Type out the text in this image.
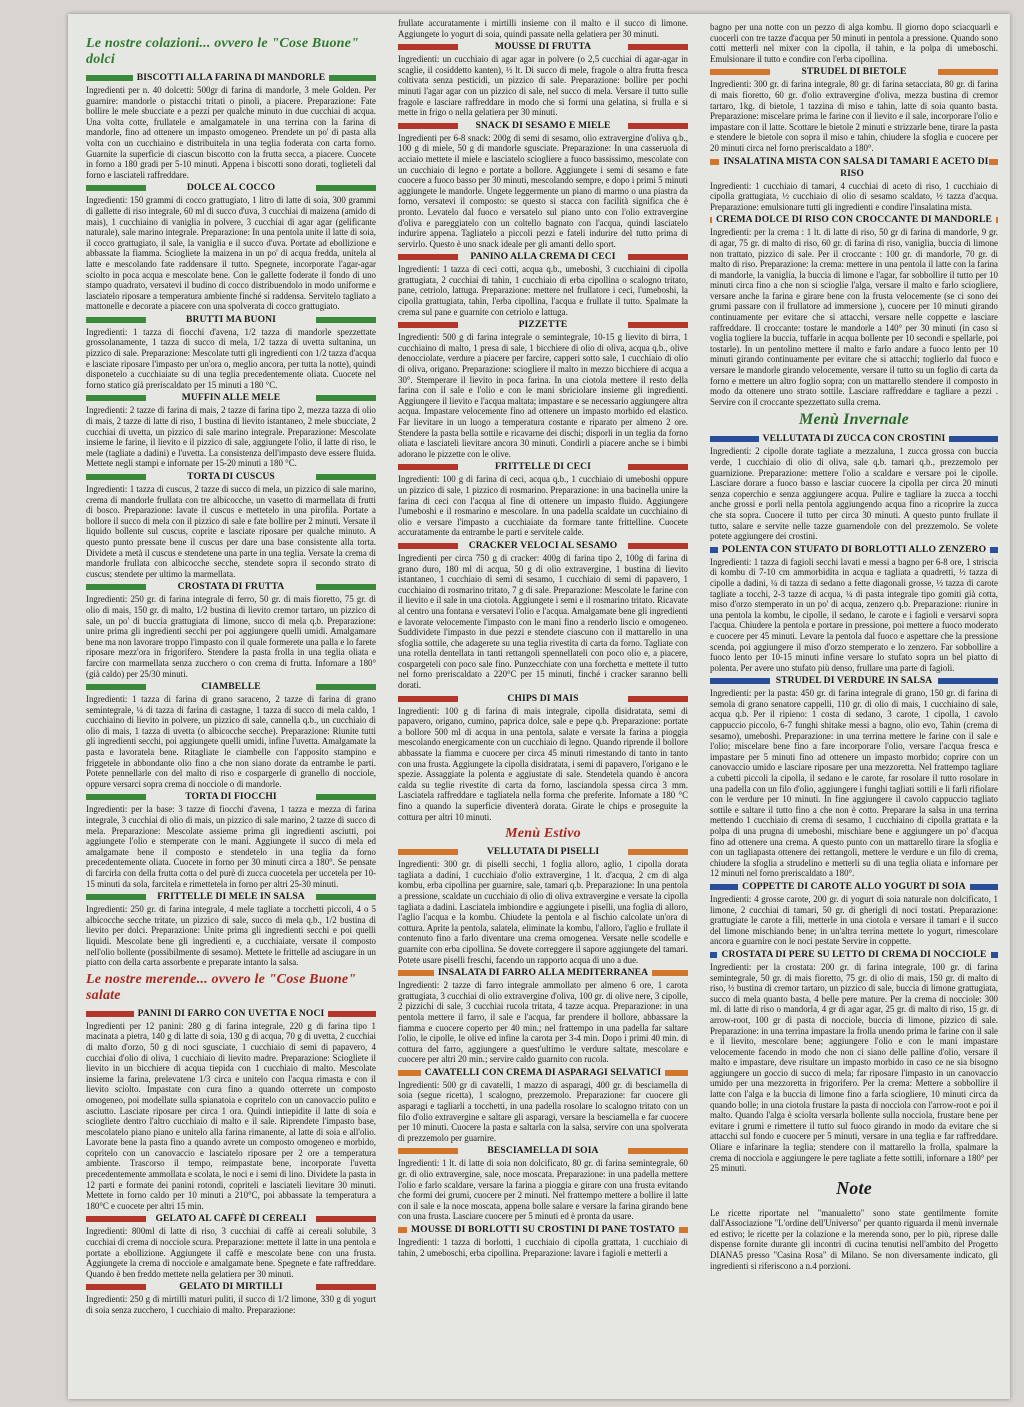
Le nostre colazioni... ovvero le "Cose Buone" dolci
BISCOTTI ALLA FARINA DI MANDORLE

Ingredienti per n. 40 dolcetti: 500gr di farina di mandorle, 3 mele Golden. Per guarnire: mandorle o pistacchi tritati o pinoli, a piacere. Preparazione: Fate bollire le mele sbucciate e a pezzi per qualche minuto in due cucchiai di acqua. Una volta cotte, frullatele e amalgamatele in una terrina con la farina di mandorle, fino ad ottenere un impasto omogeneo. Prendete un po' di pasta alla volta con un cucchiaino e distribuitela in una teglia foderata con carta forno. Guarnite la superficie di ciascun biscotto con la frutta secca, a piacere. Cuocete in forno a 180 gradi per 5-10 minuti. Appena i biscotti sono dorati, toglieteli dal forno e lasciateli raffreddare.

DOLCE AL COCCO

Ingredienti: 150 grammi di cocco grattugiato, 1 litro di latte di soia, 300 grammi di gallette di riso integrale, 60 ml di succo d'uva, 3 cucchiai di maizena (amido di mais), 1 cucchiaino di vaniglia in polvere, 3 cucchiai di agar agar (gelificante naturale), sale marino integrale. Preparazione: In una pentola unite il latte di soia, il cocco grattugiato, il sale, la vaniglia e il succo d'uva. Portate ad ebollizione e abbassate la fiamma. Sciogliete la maizena in un po' di acqua fredda, unitela al latte e mescolando fate raddensare il tutto. Spegnete, incorporate l'agar-agar sciolto in poca acqua e mescolate bene. Con le gallette foderate il fondo di uno stampo quadrato, versatevi il budino di cocco distribuendolo in modo uniforme e lasciatelo riposare a temperatura ambiente finché si raddensa. Servitelo tagliato a mattonelle e decorate a piacere con una spolverata di cocco grattugiato.

BRUTTI MA BUONI

Ingredienti: 1 tazza di fiocchi d'avena, 1/2 tazza di mandorle spezzettate grossolanamente, 1 tazza di succo di mela, 1/2 tazza di uvetta sultanina, un pizzico di sale. Preparazione: Mescolate tutti gli ingredienti con 1/2 tazza d'acqua e lasciate riposare l'impasto per un'ora o, meglio ancora, per tutta la notte), quindi disponetelo a cucchiaiate su di una teglia precedentemente oliata. Cuocete nel forno statico già preriscaldato per 15 minuti a 180 °C.

MUFFIN ALLE MELE

Ingredienti: 2 tazze di farina di mais, 2 tazze di farina tipo 2, mezza tazza di olio di mais, 2 tazze di latte di riso, 1 bustina di lievito istantaneo, 2 mele sbucciate, 2 cucchiai di uvetta, un pizzico di sale marino integrale. Preparazione: Mescolate insieme le farine, il lievito e il pizzico di sale, aggiungete l'olio, il latte di riso, le mele (tagliate a dadini) e l'uvetta. La consistenza dell'impasto deve essere fluida. Mettete negli stampi e infornate per 15-20 minuti a 180 °C.

TORTA DI CUSCUS

Ingredienti: 1 tazza di cuscus, 2 tazze di succo di mela, un pizzico di sale marino, crema di mandorle frullata con tre albicocche, un vasetto di marmellata di frutti di bosco. Preparazione: lavate il cuscus e mettetelo in una pirofila. Portate a bollore il succo di mela con il pizzico di sale e fate bollire per 2 minuti. Versate il liquido bollente sul cuscus, coprite e lasciate riposare per qualche minuto. A questo punto pressate bene il cuscus per dare una base consistente alla torta. Dividete a metà il cuscus e stendetene una parte in una teglia. Versate la crema di mandorle frullata con albicocche secche, stendete sopra il secondo strato di cuscus; stendete per ultimo la marmellata.

CROSTATA DI FRUTTA

Ingredienti: 250 gr. di farina integrale di ferro, 50 gr. di mais fioretto, 75 gr. di olio di mais, 150 gr. di malto, 1/2 bustina di lievito cremor tartaro, un pizzico di sale, un po' di buccia grattugiata di limone, succo di mela q.b. Preparazione: unire prima gli ingredienti secchi per poi aggiungere quelli umidi. Amalgamare bene ma non lavorare troppo l'impasto con il quale formerete una palla e lo farete riposare mezz'ora in frigorifero. Stendere la pasta frolla in una teglia oliata e farcire con marmellata senza zucchero o con crema di frutta. Infornare a 180° (già caldo) per 25/30 minuti.

CIAMBELLE

Ingredienti: 1 tazza di farina di grano saraceno, 2 tazze di farina di grano semintegrale, ¼ di tazza di farina di castagne, 1 tazza di succo di mela caldo, 1 cucchiaino di lievito in polvere, un pizzico di sale, cannella q.b., un cucchiaio di olio di mais, 1 tazza di uvetta (o albicocche secche). Preparazione: Riunite tutti gli ingredienti secchi, poi aggiungete quelli umidi, infine l'uvetta. Amalgamate la pasta e lavoratela bene. Ritagliate le ciambelle con l'apposito stampino e friggetele in abbondante olio fino a che non siano dorate da entrambe le parti. Potete pennellarle con del malto di riso e cospargerle di granello di nocciole, oppure versarci sopra crema di nocciole o di mandorle.

TORTA DI FIOCCHI

Ingredienti: per la base: 3 tazze di fiocchi d'avena, 1 tazza e mezza di farina integrale, 3 cucchiai di olio di mais, un pizzico di sale marino, 2 tazze di succo di mela. Preparazione: Mescolate assieme prima gli ingredienti asciutti, poi aggiungete l'olio e stemperate con le mani. Aggiungete il succo di mela ed amalgamate bene il composto e stendetelo in una teglia da forno precedentemente oliata. Cuocete in forno per 30 minuti circa a 180°. Se pensate di farcirla con della frutta cotta o del purè di zucca cuocetela per uccetela per 10-15 minuti da sola, farcitela e rimettetela in forno per altri 25-30 minuti.

FRITTELLE DI MELE IN SALSA

Ingredienti: 250 gr. di farina integrale, 4 mele tagliate a tocchetti piccoli, 4 o 5 albicocche secche tritate, un pizzico di sale, succo di mela q.b., 1/2 bustina di lievito per dolci. Preparazione: Unite prima gli ingredienti secchi e poi quelli liquidi. Mescolate bene gli ingredienti e, a cucchiaiate, versate il composto nell'olio bollente (possibilmente di sesamo). Mettete le frittelle ad asciugare in un piatto con della carta assorbente e preparate intanto la salsa.

Le nostre merende... ovvero le "Cose Buone" salate
PANINI DI FARRO CON UVETTA E NOCI

Ingredienti per 12 panini: 280 g di farina integrale, 220 g di farina tipo 1 macinata a pietra, 140 g di latte di soia, 130 g di acqua, 70 g di uvetta, 2 cucchiai di malto d'orzo, 50 g di noci sgusciate, 1 cucchiaio di semi di papavero, 4 cucchiai d'olio di oliva, 1 cucchiaio di lievito madre. Preparazione: Sciogliete il lievito in un bicchiere di acqua tiepida con 1 cucchiaio di malto. Mescolate insieme la farina, prelevatene 1/3 circa e unitelo con l'acqua rimasta e con il lievito sciolto. Impastate con cura fino a quando otterrete un composto omogeneo, poi modellate sulla spianatoia e copritelo con un canovaccio pulito e asciutto. Lasciate riposare per circa 1 ora. Quindi intiepidite il latte di soia e sciogliete dentro l'altro cucchiaio di malto e il sale. Riprendete l'impasto base, mescolatelo piano piano e unitelo alla farina rimanente, al latte di soia e all'olio. Lavorate bene la pasta fino a quando avrete un composto omogeneo e morbido, copritelo con un canovaccio e lasciatelo riposare per 2 ore a temperatura ambiente. Trascorso il tempo, reimpastate bene, incorporate l'uvetta precedentemente ammollata e scolata, le noci e i semi di lino. Dividete la pasta in 12 parti e formate dei panini rotondi, copriteli e lasciateli lievitare 30 minuti. Mettete in forno caldo per 10 minuti a 210°C, poi abbassate la temperatura a 180°C e cuocete per altri 15 min.

GELATO AL CAFFÈ DI CEREALI

Ingredienti: 800ml di latte di riso, 3 cucchiai di caffè ai cereali solubile, 3 cucchiai di crema di nocciole scura. Preparazione: mettete il latte in una pentola e portate a ebollizione. Aggiungete il caffè e mescolate bene con una frusta. Aggiungete la crema di nocciole e amalgamate bene. Spegnete e fate raffreddare. Quando è ben freddo mettete nella gelatiera per 30 minuti.

GELATO DI MIRTILLI

Ingredienti: 250 g di mirtilli maturi puliti, il succo di 1/2 limone, 330 g di yogurt di soia senza zucchero, 1 cucchiaio di malto. Preparazione:

frullate accuratamente i mirtilli insieme con il malto e il succo di limone. Aggiungete lo yogurt di soia, quindi passate nella gelatiera per 30 minuti.

MOUSSE DI FRUTTA

Ingredienti: un cucchiaio di agar agar in polvere (o 2,5 cucchiai di agar-agar in scaglie, il cosiddetto kanten), ½ lt. Di succo di mele, fragole o altra frutta fresca coltivata senza pesticidi, un pizzico di sale. Preparazione: bollire per pochi minuti l'agar agar con un pizzico di sale, nel succo di mela. Versare il tutto sulle fragole e lasciare raffreddare in modo che si formi una gelatina, si frulla e si mette in frigo o nella gelatiera per 30 minuti.

SNACK DI SESAMO E MIELE

Ingredienti per 6-8 snack: 200g di semi di sesamo, olio extravergine d'oliva q.b., 100 g di miele, 50 g di mandorle sgusciate. Preparazione: In una casseruola di acciaio mettete il miele e lasciatelo sciogliere a fuoco bassissimo, mescolate con un cucchiaio di legno e portate a bollore. Aggiungete i semi di sesamo e fate cuocere a fuoco basso per 30 minuti, mescolando sempre, e dopo i primi 5 minuti aggiungete le mandorle. Ungete leggermente un piano di marmo o una piastra da forno, versatevi il composto: se questo si stacca con facilità significa che è pronto. Levatelo dal fuoco e versatelo sul piano unto con l'olio extravergine d'oliva e pareggiatelo con un coltello bagnato con l'acqua, quindi lasciatelo indurire appena. Tagliatelo a piccoli pezzi e fateli indurire del tutto prima di servirlo. Questo è uno snack ideale per gli amanti dello sport.

PANINO ALLA CREMA DI CECI

Ingredienti: 1 tazza di ceci cotti, acqua q.b., umeboshi, 3 cucchiaini di cipolla grattugiata, 2 cucchiai di tahin, 1 cucchiaio di erba cipollina o scalogno tritato, pane, cetriolo, lattuga. Preparazione: mettere nel frullatore i ceci, l'umeboshi, la cipolla grattugiata, tahin, l'erba cipollina, l'acqua e frullate il tutto. Spalmate la crema sul pane e guarnite con cetriolo e lattuga.

PIZZETTE

Ingredienti: 500 g di farina integrale o semintegrale, 10-15 g lievito di birra, 1 cucchiaino di malto, 1 presa di sale, 1 bicchiere di olio di oliva, acqua q.b., olive denocciolate, verdure a piacere per farcire, capperi sotto sale, 1 cucchiaio di olio di oliva, origano. Preparazione: sciogliere il malto in mezzo bicchiere di acqua a 30°. Stemperare il lievito in poca farina. In una ciotola mettere il resto della farina con il sale e l'olio e con le mani sbriciolare insieme gli ingredienti. Aggiungere il lievito e l'acqua maltata; impastare e se necessario aggiungere altra acqua. Impastare velocemente fino ad ottenere un impasto morbido ed elastico. Far lievitare in un luogo a temperatura costante e riparato per almeno 2 ore. Stendere la pasta bella sottile e ricavarne dei dischi; disporli in un teglia da forno oliata e lasciateli lievitare ancora 30 minuti. Condirli a piacere anche se i bimbi adorano le pizzette con le olive.

FRITTELLE DI CECI

Ingredienti: 100 g di farina di ceci, acqua q.b., 1 cucchiaio di umeboshi oppure un pizzico di sale, 1 pizzico di rosmarino. Preparazione: in una bacinella unire la farina di ceci con l'acqua al fine di ottenere un impasto fluido. Aggiungere l'umeboshi e il rosmarino e mescolare. In una padella scaldate un cucchiaino di olio e versare l'impasto a cucchiaiate da formare tante frittelline. Cuocete accuratamente da entrambe le parti e servitele calde.

CRACKER VELOCI AL SESAMO

Ingredienti per circa 750 g di cracker: 400g di farina tipo 2, 100g di farina di grano duro, 180 ml di acqua, 50 g di olio extravergine, 1 bustina di lievito istantaneo, 1 cucchiaio di semi di sesamo, 1 cucchiaio di semi di papavero, 1 cucchiaino di rosmarino tritato, 7 g di sale. Preparazione: Mescolate le farine con il lievito e il sale in una ciotola. Aggiungete i semi e il rosmarino tritato. Ricavate al centro una fontana e versatevi l'olio e l'acqua. Amalgamate bene gli ingredienti e lavorate velocemente l'impasto con le mani fino a renderlo liscio e omogeneo. Suddividete l'impasto in due pezzi e stendete ciascuno con il mattarello in una sfoglia sottile, che adagerete su una teglia rivestita di carta da forno. Tagliate con una rotella dentellata in tanti rettangoli spennellateli con poco olio e, a piacere, cospargeteli con poco sale fino. Punzecchiate con una forchetta e mettete il tutto nel forno preriscaldato a 220°C per 15 minuti, finché i cracker saranno belli dorati.

CHIPS DI MAIS

Ingredienti: 100 g di farina di mais integrale, cipolla disidratata, semi di papavero, origano, cumino, paprica dolce, sale e pepe q.b. Preparazione: portate a bollore 500 ml di acqua in una pentola, salate e versate la farina a pioggia mescolando energicamente con un cucchiaio di legno. Quando riprende il bollore abbassate la fiamma e cuocere per circa 45 minuti rimestando di tanto in tanto con una frusta. Aggiungete la cipolla disidratata, i semi di papavero, l'origano e le spezie. Assaggiate la polenta e aggiustate di sale. Stendetela quando è ancora calda su teglie rivestite di carta da forno, lasciandola spessa circa 3 mm. Lasciatela raffreddare e tagliatela nella forma che preferite. Infornate a 180 °C fino a quando la superficie diventerà dorata. Girate le chips e proseguite la cottura per altri 10 minuti.

Menù Estivo
VELLUTATA DI PISELLI

Ingredienti: 300 gr. di piselli secchi, 1 foglia alloro, aglio, 1 cipolla dorata tagliata a dadini, 1 cucchiaio d'olio extravergine, 1 lt. d'acqua, 2 cm di alga kombu, erba cipollina per guarnire, sale, tamari q.b. Preparazione: In una pentola a pressione, scaldate un cucchiaio di olio di oliva extravergine e versate la cipolla tagliata a dadini. Lasciatela imbiondire e aggiungete i piselli, una foglia di alloro, l'aglio l'acqua e la kombu. Chiudete la pentola e al fischio calcolate un'ora di cottura. Aprite la pentola, salatela, eliminate la kombu, l'alloro, l'aglio e frullate il contenuto fino a farlo diventare una crema omogenea. Versate nelle scodelle e guarnite con erba cipollina. Se dovete correggere il sapore aggiungete del tamari. Potete usare piselli freschi, facendo un rapporto acqua di uno a due.

INSALATA DI FARRO ALLA MEDITERRANEA

Ingredienti: 2 tazze di farro integrale ammollato per almeno 6 ore, 1 carota grattugiata, 3 cucchiai di olio extravergine d'oliva, 100 gr. di olive nere, 3 cipolle, 2 pizzichi di sale, 3 cucchiai rucola tritata, 4 tazze acqua. Preparazione: in una pentola mettere il farro, il sale e l'acqua, far prendere il bollore, abbassare la fiamma e cuocere coperto per 40 min.; nel frattempo in una padella far saltare l'olio, le cipolle, le olive ed infine la carota per 3-4 min. Dopo i primi 40 min. di cottura del farro, aggiungere a quest'ultimo le verdure saltate, mescolare e cuocere per altri 20 min.; servire caldo guarnito con rucola.

CAVATELLI CON CREMA DI ASPARAGI SELVATICI

Ingredienti: 500 gr di cavatelli, 1 mazzo di asparagi, 400 gr. di besciamella di soia (segue ricetta), 1 scalogno, prezzemolo. Preparazione: far cuocere gli asparagi e tagliarli a tocchetti, in una padella rosolare lo scalogno tritato con un filo d'olio extravergine e saltare gli asparagi, versare la besciamella e far cuocere per 10 minuti. Cuocere la pasta e saltarla con la salsa, servire con una spolverata di prezzemolo per guarnire.

BESCIAMELLA DI SOIA

Ingredienti: 1 lt. di latte di soia non dolcificato, 80 gr. di farina semintegrale, 60 gr. di olio extravergine, sale, noce moscata. Preparazione: in una padella mettere l'olio e farlo scaldare, versare la farina a pioggia e girare con una frusta evitando che formi dei grumi, cuocere per 2 minuti. Nel frattempo mettere a bollire il latte con il sale e la noce moscata, appena bolle salare e versare la farina girando bene con una frusta. Lasciare cuocere per 5 minuti ed è pronta da usare.

MOUSSE DI BORLOTTI SU CROSTINI DI PANE TOSTATO

Ingredienti: 1 tazza di borlotti, 1 cucchiaio di cipolla grattata, 1 cucchiaio di tahin, 2 umeboschi, erba cipollina. Preparazione: lavare i fagioli e metterli a

bagno per una notte con un pezzo di alga kombu. Il giorno dopo sciacquarli e cuocerli con tre tazze d'acqua per 50 minuti in pentola a pressione. Quando sono cotti metterli nel mixer con la cipolla, il tahin, e la polpa di umeboschi. Emulsionare il tutto e condire con l'erba cipollina.

STRUDEL DI BIETOLE

Ingredienti: 300 gr. di farina integrale, 80 gr. di farina setacciata, 80 gr. di farina di mais fioretto, 60 gr. d'olio extravergine d'oliva, mezza bustina di cremor tartaro, 1kg. di bietole, 1 tazzina di miso e tahin, latte di soia quanto basta. Preparazione: miscelare prima le farine con il lievito e il sale, incorporare l'olio e impastare con il latte. Scottare le bietole 2 minuti e strizzarle bene, tirare la pasta e stendere le bietole con sopra il miso e tahin, chiudere la sfoglia e cuocere per 20 minuti circa nel forno preriscaldato a 180°.

INSALATINA MISTA CON SALSA DI TAMARI E ACETO DI RISO

Ingredienti: 1 cucchiaio di tamari, 4 cucchiai di aceto di riso, 1 cucchiaio di cipolla grattugiata, ½ cucchiaio di olio di sesamo scaldato, ½ tazza d'acqua. Preparazione: emulsionare tutti gli ingredienti e condire l'insalatina mista.

CREMA DOLCE DI RISO CON CROCCANTE DI MANDORLE

Ingredienti: per la crema : 1 lt. di latte di riso, 50 gr di farina di mandorle, 9 gr. di agar, 75 gr. di malto di riso, 60 gr. di farina di riso, vaniglia, buccia di limone non trattato, pizzico di sale. Per il croccante : 100 gr. di mandorle, 70 gr. di malto di riso. Preparazione: la crema: mettere in una pentola il latte con la farina di mandorle, la vaniglia, la buccia di limone e l'agar, far sobbollire il tutto per 10 minuti circa fino a che non si scioglie l'alga, versare il malto e farlo sciogliere, versare anche la farina e girare bene con la frusta velocemente (se ci sono dei grumi passare con il frullatore ad immersione ), cuocere per 10 minuti girando continuamente per evitare che si attacchi, versare nelle coppette e lasciare raffreddare. Il croccante: tostare le mandorle a 140° per 30 minuti (in caso si voglia togliere la buccia, tuffarle in acqua bollente per 10 secondi e spellarle, poi tostarle). In un pentolino mettere il malto e farlo andare a fuoco lento per 10 minuti girando continuamente per evitare che si attacchi; toglierlo dal fuoco e versare le mandorle girando velocemente, versare il tutto su un foglio di carta da forno e mettere un altro foglio sopra; con un mattarello stendere il composto in modo da ottenere uno strato sottile. Lasciare raffreddare e tagliare a pezzi . Servire con il croccante spezzettato sulla crema.

Menù Invernale
VELLUTATA DI ZUCCA CON CROSTINI

Ingredienti: 2 cipolle dorate tagliate a mezzaluna, 1 zucca grossa con buccia verde, 1 cucchiaio di olio di oliva, sale q.b. tamari q.b., prezzemolo per guarnizione. Preparazione: mettere l'olio a scaldare e versare poi le cipolle. Lasciare dorare a fuoco basso e lasciar cuocere la cipolla per circa 20 minuti senza coperchio e senza aggiungere acqua. Pulire e tagliare la zucca a tocchi anche grossi e porli nella pentola aggiungendo acqua fino a ricoprire la zucca che sta sopra. Cuocere il tutto per circa 30 minuti. A questo punto frullate il tutto, salare e servite nelle tazze guarnendole con del prezzemolo. Se volete potete aggiungere dei crostini.

POLENTA CON STUFATO DI BORLOTTI ALLO ZENZERO

Ingredienti: 1 tazza di fagioli secchi lavati e messi a bagno per 6-8 ore, 1 striscia di kombu di 7-10 cm ammorbidita in acqua e tagliata a quadretti, ½ tazza di cipolle a dadini, ¼ di tazza di sedano a fette diagonali grosse, ½ tazza di carote tagliate a tocchi, 2-3 tazze di acqua, ¼ di pasta integrale tipo gomiti già cotta, miso d'orzo stemperato in un po' di acqua, zenzero q.b. Preparazione: riunire in una pentola la kombu, le cipolle, il sedano, le carote e i fagioli e versarvi sopra l'acqua. Chiudere la pentola e portare in pressione, poi mettere a fuoco moderato e cuocere per 45 minuti. Levare la pentola dal fuoco e aspettare che la pressione scenda, poi aggiungere il miso d'orzo stemperato e lo zenzero. Far sobbollire a fuoco lento per 10-15 minuti infine versare lo stufato sopra un bel piatto di polenta. Per avere uno stufato più denso, frullare una parte di fagioli.

STRUDEL DI VERDURE IN SALSA

Ingredienti: per la pasta: 450 gr. di farina integrale di grano, 150 gr. di farina di semola di grano senatore cappelli, 110 gr. di olio di mais, 1 cucchiaino di sale, acqua q.b. Per il ripieno: 1 costa di sedano, 3 carote, 1 cipolla, 1 cavolo cappuccio piccolo, 6-7 funghi shitake messi a bagno, olio evo, Tahin (crema di sesamo), umeboshi. Preparazione: in una terrina mettere le farine con il sale e l'olio; miscelare bene fino a fare incorporare l'olio, versare l'acqua fresca e impastare per 5 minuti fino ad ottenere un impasto morbido; coprire con un canovaccio umido e lasciare riposare per una mezzoretta. Nel frattempo tagliare a cubetti piccoli la cipolla, il sedano e le carote, far rosolare il tutto rosolare in una padella con un filo d'olio, aggiungere i funghi tagliati sottili e li farli rifiolare con le verdure per 10 minuti. In fine aggiungere il cavolo cappuccio tagliato sottile e saltare il tutto fino a che non è cotto. Preparare la salsa in una terrina mettendo 1 cucchiaio di crema di sesamo, 1 cucchiaino di cipolla grattata e la polpa di una prugna di umeboshi, mischiare bene e aggiungere un po' d'acqua fino ad ottenere una crema. A questo punto con un mattarello tirare la sfoglia e con un tagliapasta ottenere dei rettangoli, mettere le verdure e un filo di crema, chiudere la sfoglia a strudelino e metterli su di una teglia oliata e infornare per 12 minuti nel forno preriscaldato a 180°.

COPPETTE DI CAROTE ALLO YOGURT DI SOIA

Ingredienti: 4 grosse carote, 200 gr. di yogurt di soia naturale non dolcificato, 1 limone, 2 cucchiai di tamari, 50 gr. di gherigli di noci tostati. Preparazione: grattugiate le carote a fili, metterle in una ciotola e versare il tamari e il succo del limone mischiando bene; in un'altra terrina mettete lo yogurt, rimescolare ancora e guarnire con le noci pestate Servire in coppette.

CROSTATA DI PERE SU LETTO DI CREMA DI NOCCIOLE

Ingredienti: per la crostata: 200 gr. di farina integrale, 100 gr. di farina semintegrale, 50 gr. di mais fioretto, 75 gr. di olio di mais, 150 gr. di malto di riso, ½ bustina di cremor tartaro, un pizzico di sale, buccia di limone grattugiata, succo di mela quanto basta, 4 belle pere mature. Per la crema di nocciole: 300 ml. di latte di riso o mandorla, 4 gr di agar agar, 25 gr. di malto di riso, 15 gr. di arrow-root, 100 gr di pasta di nocciole, buccia di limone, pizzico di sale. Preparazione: in una terrina impastare la frolla unendo prima le farine con il sale e il lievito, mescolare bene; aggiungere l'olio e con le mani impastare velocemente facendo in modo che non ci siano delle palline d'olio, versare il malto e impastare, deve risultare un impasto morbido in caso ce ne sia bisogno aggiungere un goccio di succo di mela; far riposare l'impasto in un canovaccio umido per una mezzoretta in frigorifero. Per la crema: Mettere a sobbollire il latte con l'alga e la buccia di limone fino a farla sciogliere, 10 minuti circa da quando bolle; in una ciotola frustare la pasta di nocciola con l'arrow-root e poi il malto. Quando l'alga è sciolta versarla bollente sulla nocciola, frustare bene per evitare i grumi e rimettere il tutto sul fuoco girando in modo da evitare che si attacchi sul fondo e cuocere per 5 minuti, versare in una teglia e far raffreddare. Oliare e infarinare la teglia; stendere con il mattarello la frolla, spalmare la crema di nocciola e aggiungere le pere tagliate a fette sottili, infornare a 180° per 25 minuti.

Note

Le ricette riportate nel "manualetto" sono state gentilmente fornite dall'Associazione "L'ordine dell'Universo" per quanto riguarda il menù invernale ed estivo; le ricette per la colazione e la merenda sono, per lo più, riprese dalle dispense fornite durante gli incontri di cucina tenutisi nell'ambito del Progetto DIANA5 presso "Casina Rosa" di Milano. Se non diversamente indicato, gli ingredienti si riferiscono a n.4 porzioni.
